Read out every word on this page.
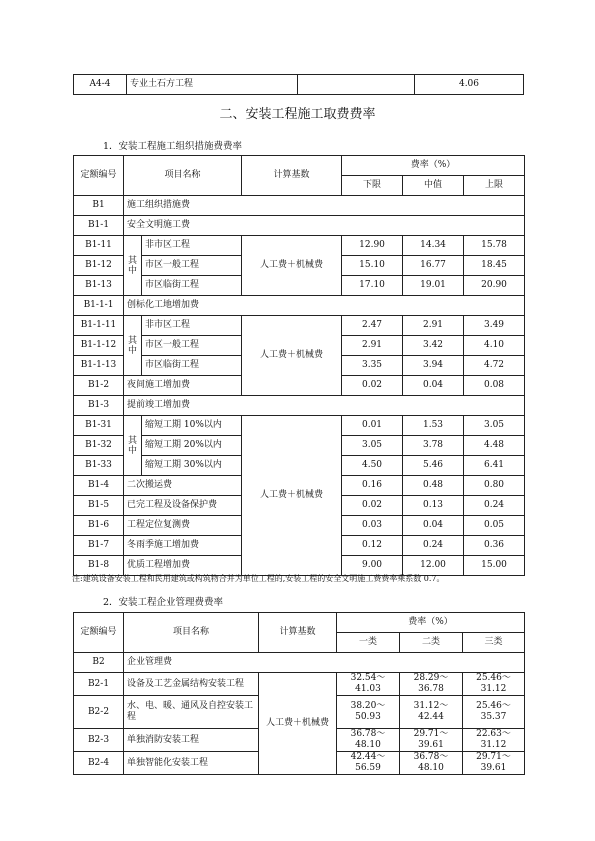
A4-4	专业土石方工程		4.06
二、安装工程施工取费费率
1．安装工程施工组织措施费费率
定额编号	项目名称		计算基数	费率（%）		
				下限	中值	上限
B1	施工组织措施费					
B1-1	安全文明施工费					
B1-11	其中	非市区工程	人工费＋机械费	12.90	14.34	15.78
B1-12		市区一般工程		15.10	16.77	18.45
B1-13		市区临街工程		17.10	19.01	20.90
B1-1-1	创标化工地增加费					
B1-1-11	其中	非市区工程	人工费＋机械费	2.47	2.91	3.49
B1-1-12		市区一般工程		2.91	3.42	4.10
B1-1-13		市区临街工程		3.35	3.94	4.72
B1-2	夜间施工增加费			0.02	0.04	0.08
B1-3	提前竣工增加费					
B1-31	其中	缩短工期 10%以内	人工费＋机械费	0.01	1.53	3.05
B1-32		缩短工期 20%以内		3.05	3.78	4.48
B1-33		缩短工期 30%以内		4.50	5.46	6.41
B1-4	二次搬运费			0.16	0.48	0.80
B1-5	已完工程及设备保护费			0.02	0.13	0.24
B1-6	工程定位复测费			0.03	0.04	0.05
B1-7	冬雨季施工增加费			0.12	0.24	0.36
B1-8	优质工程增加费			9.00	12.00	15.00
注:建筑设备安装工程和民用建筑或构筑物合并为单位工程的,安装工程的安全文明施工费费率乘系数 0.7。
2．安装工程企业管理费费率
定额编号	项目名称	计算基数	费率（%）		
			一类	二类	三类
B2	企业管理费				
B2-1	设备及工艺金属结构安装工程	人工费＋机械费	32.54～41.03	28.29～36.78	25.46～31.12
B2-2	水、电、暖、通风及自控安装工程		38.20～50.93	31.12～42.44	25.46～35.37
B2-3	单独消防安装工程		36.78～48.10	29.71～39.61	22.63～31.12
B2-4	单独智能化安装工程		42.44～56.59	36.78～48.10	29.71～39.61
